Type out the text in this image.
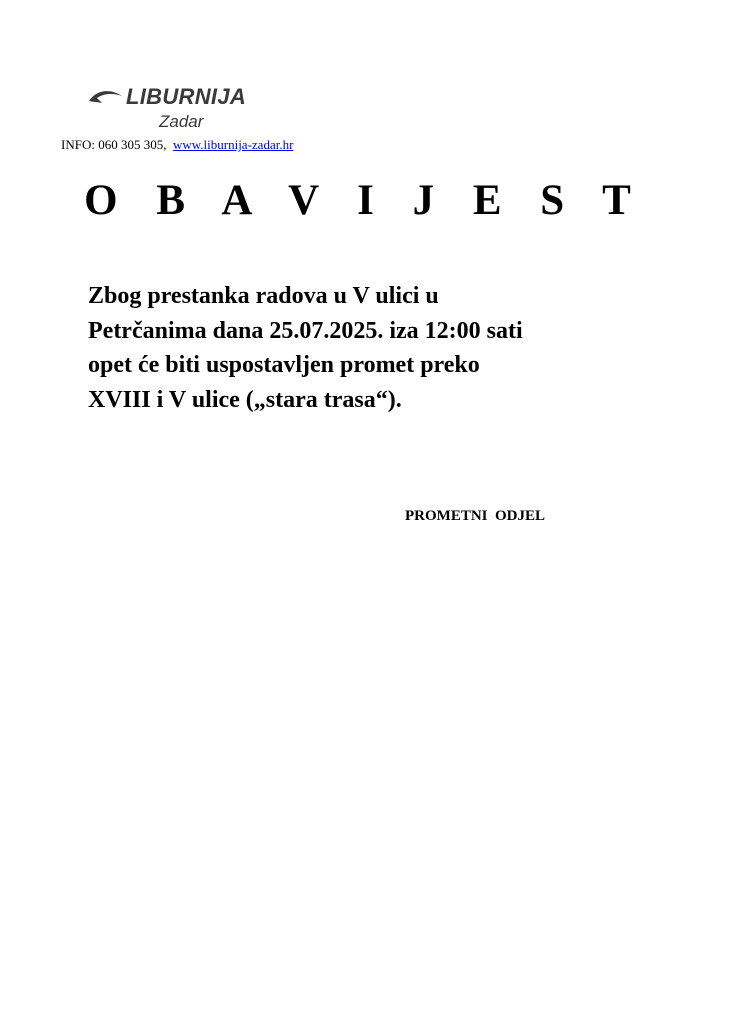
LIBURNIJA
Zadar
INFO: 060 305 305, www.liburnija-zadar.hr
O B A V I J E S T
Zbog prestanka radova u V ulici u
Petrčanima dana 25.07.2025. iza 12:00 sati
opet će biti uspostavljen promet preko
XVIII i V ulice („stara trasa“).
PROMETNI  ODJEL
